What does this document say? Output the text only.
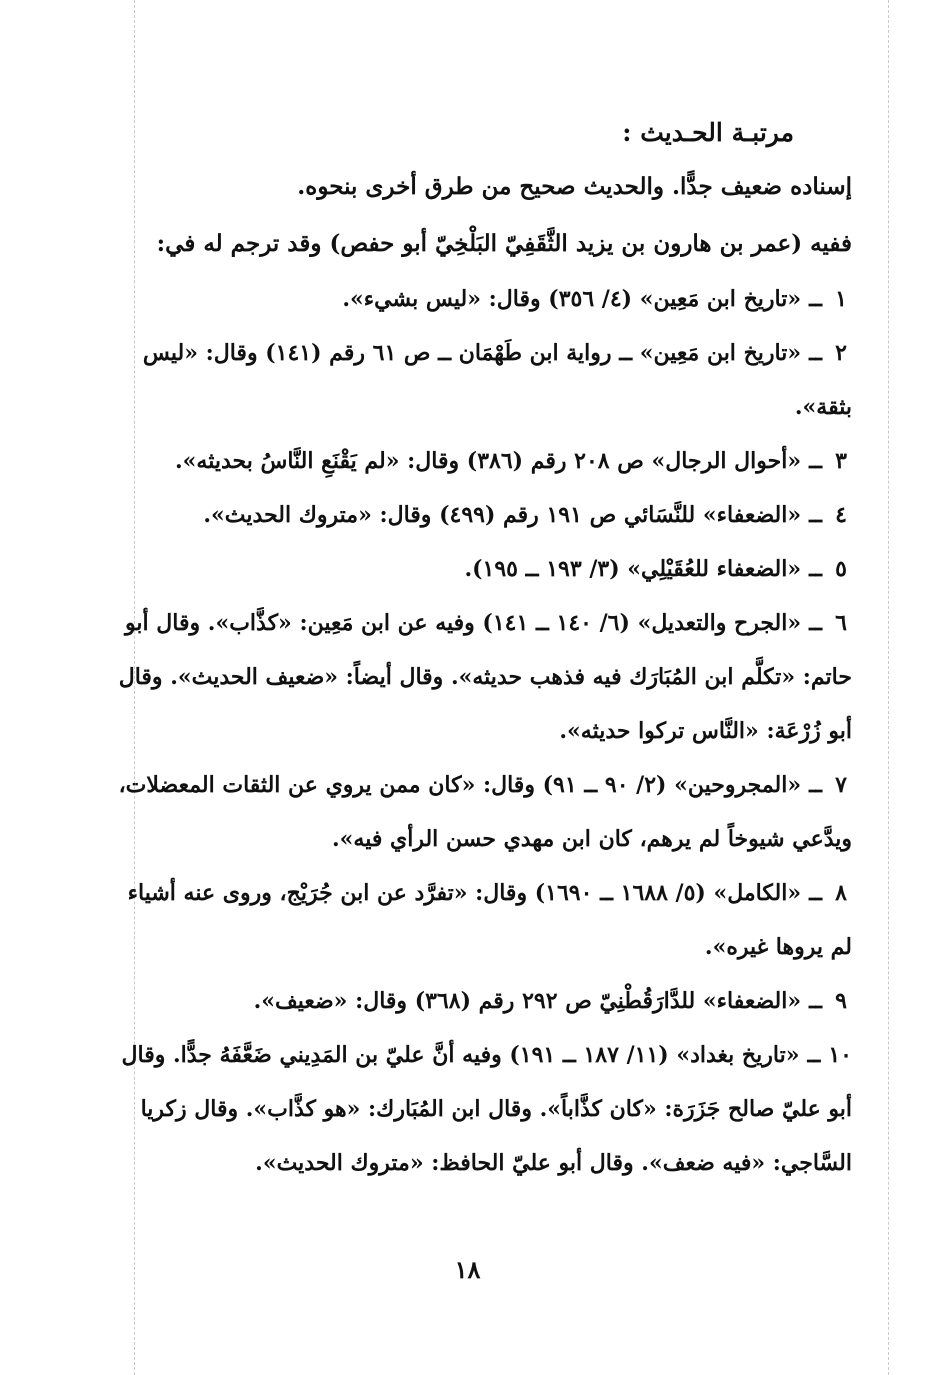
مرتبـة الحـديث :

إسناده ضعيف جدًّا. والحديث صحيح من طرق أخرى بنحوه.

ففيه (عمر بن هارون بن يزيد الثَّقَفِيّ البَلْخِيّ أبو حفص) وقد ترجم له في:

١ــ«تاريخ ابن مَعِين» (٤/ ٣٥٦) وقال: «ليس بشيء».

٢ــ«تاريخ ابن مَعِين» ــ رواية ابن طَهْمَان ــ ص ٦١ رقم (١٤١) وقال: «ليس بثقة».

٣ــ«أحوال الرجال» ص ٢٠٨ رقم (٣٨٦) وقال: «لم يَقْنَعِ النَّاسُ بحديثه».

٤ــ«الضعفاء» للنَّسَائي ص ١٩١ رقم (٤٩٩) وقال: «متروك الحديث».

٥ــ«الضعفاء للعُقَيْلِي» (٣/ ١٩٣ ــ ١٩٥).

٦ــ«الجرح والتعديل» (٦/ ١٤٠ ــ ١٤١) وفيه عن ابن مَعِين: «كذَّاب». وقال أبو حاتم: «تكلَّم ابن المُبَارَك فيه فذهب حديثه». وقال أيضاً: «ضعيف الحديث». وقال أبو زُرْعَة: «النَّاس تركوا حديثه».

٧ــ«المجروحين» (٢/ ٩٠ ــ ٩١) وقال: «كان ممن يروي عن الثقات المعضلات، ويدَّعي شيوخاً لم يرهم، كان ابن مهدي حسن الرأي فيه».

٨ــ«الكامل» (٥/ ١٦٨٨ ــ ١٦٩٠) وقال: «تفرَّد عن ابن جُرَيْج، وروى عنه أشياء لم يروها غيره».

٩ــ«الضعفاء» للدَّارَقُطْنِيّ ص ٢٩٢ رقم (٣٦٨) وقال: «ضعيف».

١٠ــ«تاريخ بغداد» (١١/ ١٨٧ ــ ١٩١) وفيه أنَّ عليّ بن المَدِيني ضَعَّفَهُ جدًّا. وقال أبو عليّ صالح جَزَرَة: «كان كذَّاباً». وقال ابن المُبَارك: «هو كذَّاب». وقال زكريا السَّاجي: «فيه ضعف». وقال أبو عليّ الحافظ: «متروك الحديث».

١٨
